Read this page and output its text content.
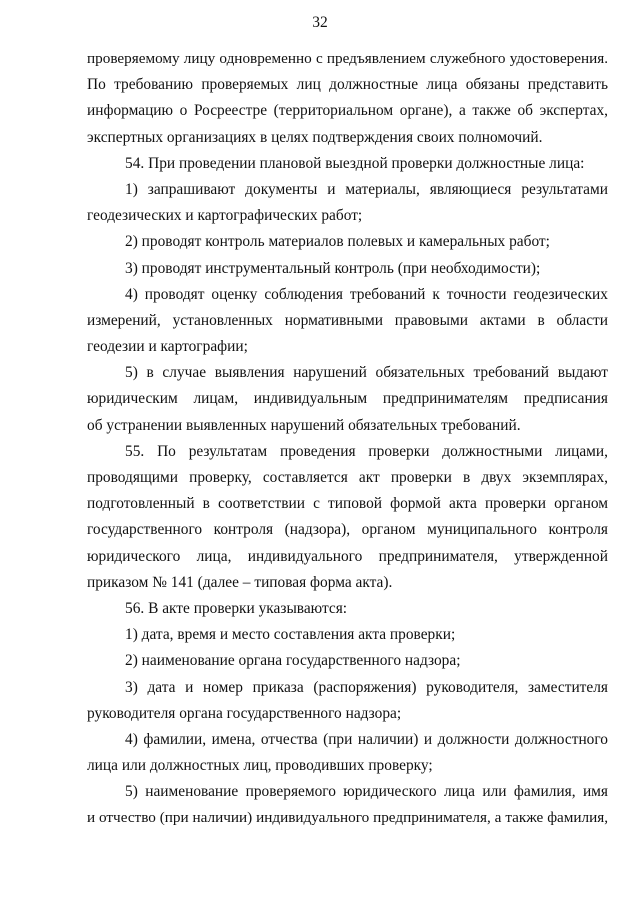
32
проверяемому лицу одновременно с предъявлением служебного удостоверения.
По требованию проверяемых лиц должностные лица обязаны представить
информацию о Росреестре (территориальном органе), а также об экспертах,
экспертных организациях в целях подтверждения своих полномочий.
54. При проведении плановой выездной проверки должностные лица:
1) запрашивают документы и материалы, являющиеся результатами
геодезических и картографических работ;
2) проводят контроль материалов полевых и камеральных работ;
3) проводят инструментальный контроль (при необходимости);
4) проводят оценку соблюдения требований к точности геодезических
измерений, установленных нормативными правовыми актами в области
геодезии и картографии;
5) в случае выявления нарушений обязательных требований выдают
юридическим лицам, индивидуальным предпринимателям предписания
об устранении выявленных нарушений обязательных требований.
55. По результатам проведения проверки должностными лицами,
проводящими проверку, составляется акт проверки в двух экземплярах,
подготовленный в соответствии с типовой формой акта проверки органом
государственного контроля (надзора), органом муниципального контроля
юридического лица, индивидуального предпринимателя, утвержденной
приказом № 141 (далее – типовая форма акта).
56. В акте проверки указываются:
1) дата, время и место составления акта проверки;
2) наименование органа государственного надзора;
3) дата и номер приказа (распоряжения) руководителя, заместителя
руководителя органа государственного надзора;
4) фамилии, имена, отчества (при наличии) и должности должностного
лица или должностных лиц, проводивших проверку;
5) наименование проверяемого юридического лица или фамилия, имя
и отчество (при наличии) индивидуального предпринимателя, а также фамилия,
